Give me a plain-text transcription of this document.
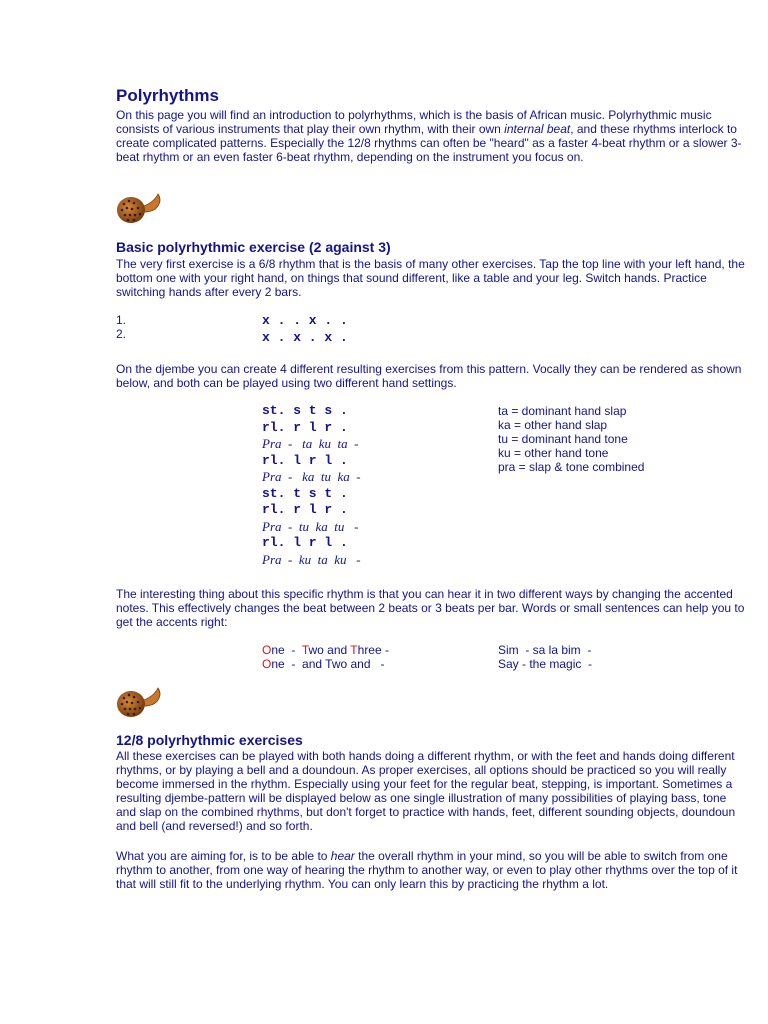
Polyrhythms

On this page you will find an introduction to polyrhythms, which is the basis of African music. Polyrhythmic music consists of various instruments that play their own rhythm, with their own internal beat, and these rhythms interlock to create complicated patterns. Especially the 12/8 rhythms can often be "heard" as a faster 4-beat rhythm or a slower 3-beat rhythm or an even faster 6-beat rhythm, depending on the instrument you focus on.

Basic polyrhythmic exercise (2 against 3)

The very first exercise is a 6/8 rhythm that is the basis of many other exercises. Tap the top line with your left hand, the bottom one with your right hand, on things that sound different, like a table and your leg. Switch hands. Practice switching hands after every 2 bars.

1.
2.
x . . x . .
x . x . x .

On the djembe you can create 4 different resulting exercises from this pattern. Vocally they can be rendered as shown below, and both can be played using two different hand settings.

st. s t s .
rl. r l r .
Pra  -   ta  ku  ta  -
rl. l r l .
Pra  -   ka  tu  ka  -
st. t s t .
rl. r l r .
Pra  -  tu  ka  tu   -
rl. l r l .
Pra  -  ku  ta  ku   -
ta = dominant hand slap
ka = other hand slap
tu = dominant hand tone
ku = other hand tone
pra = slap & tone combined

The interesting thing about this specific rhythm is that you can hear it in two different ways by changing the accented notes. This effectively changes the beat between 2 beats or 3 beats per bar. Words or small sentences can help you to get the accents right:

One  -  Two and Three -
One  -  and Two and   -
Sim  - sa la bim  -
Say - the magic  -
12/8 polyrhythmic exercises

All these exercises can be played with both hands doing a different rhythm, or with the feet and hands doing different rhythms, or by playing a bell and a doundoun. As proper exercises, all options should be practiced so you will really become immersed in the rhythm. Especially using your feet for the regular beat, stepping, is important. Sometimes a resulting djembe-pattern will be displayed below as one single illustration of many possibilities of playing bass, tone and slap on the combined rhythms, but don't forget to practice with hands, feet, different sounding objects, doundoun and bell (and reversed!) and so forth.

What you are aiming for, is to be able to hear the overall rhythm in your mind, so you will be able to switch from one rhythm to another, from one way of hearing the rhythm to another way, or even to play other rhythms over the top of it that will still fit to the underlying rhythm. You can only learn this by practicing the rhythm a lot.
